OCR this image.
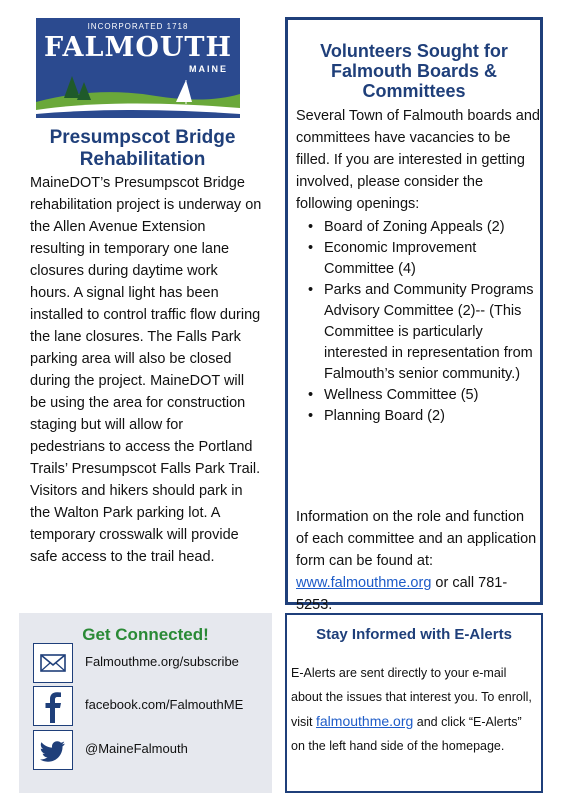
INCORPORATED 1718
FALMOUTH
MAINE
Presumpscot Bridge Rehabilitation
MaineDOT’s Presumpscot Bridge rehabilitation project is underway on the Allen Avenue Extension resulting in temporary one lane closures during daytime work hours. A signal light has been installed to control traffic flow during the lane closures. The Falls Park parking area will also be closed during the project. MaineDOT will be using the area for construction staging but will allow for pedestrians to access the Portland Trails’ Presumpscot Falls Park Trail. Visitors and hikers should park in the Walton Park parking lot. A temporary crosswalk will provide safe access to the trail head.
Volunteers Sought for Falmouth Boards & Committees
Several Town of Falmouth boards and committees have vacancies to be filled. If you are interested in getting involved, please consider the following openings:
• Board of Zoning Appeals (2)
• Economic Improvement Committee (4)
• Parks and Community Programs Advisory Committee (2)-- (This Committee is particularly interested in representation from Falmouth’s senior community.)
• Wellness Committee (5)
• Planning Board (2)
Information on the role and function of each committee and an application form can be found at: www.falmouthme.org or call 781-5253.
Get Connected!
Falmouthme.org/subscribe
facebook.com/FalmouthME
@MaineFalmouth
Stay Informed with E-Alerts
E-Alerts are sent directly to your e-mail about the issues that interest you. To enroll, visit falmouthme.org and click “E-Alerts” on the left hand side of the homepage.
